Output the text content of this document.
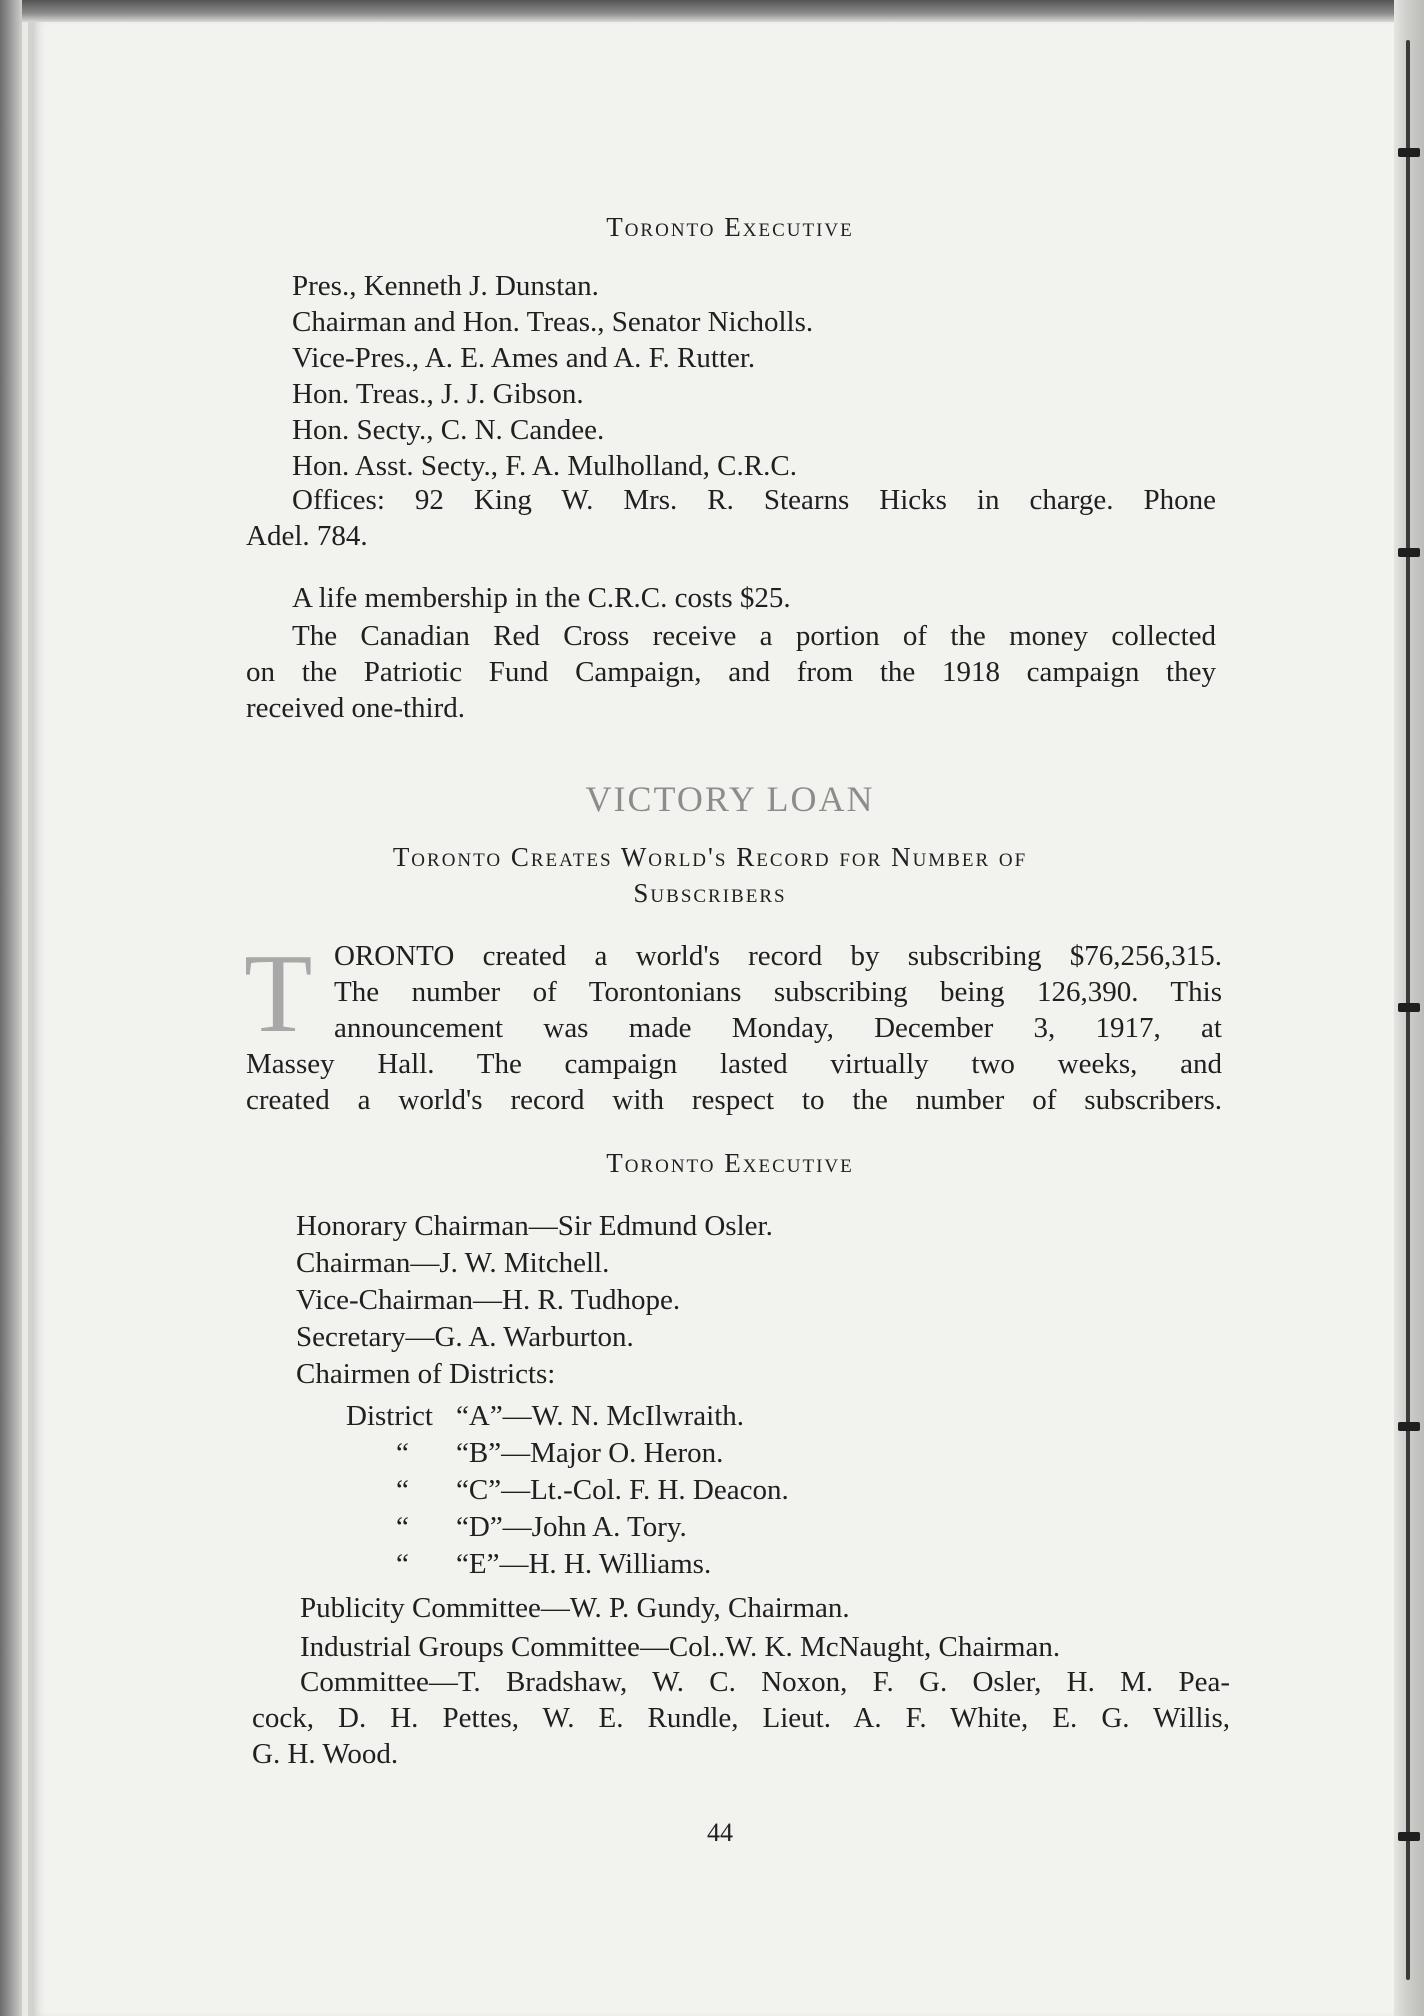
Toronto Executive
Pres., Kenneth J. Dunstan.
Chairman and Hon. Treas., Senator Nicholls.
Vice-Pres., A. E. Ames and A. F. Rutter.
Hon. Treas., J. J. Gibson.
Hon. Secty., C. N. Candee.
Hon. Asst. Secty., F. A. Mulholland, C.R.C.
Offices: 92 King W. Mrs. R. Stearns Hicks in charge. Phone
Adel. 784.
A life membership in the C.R.C. costs $25.
The Canadian Red Cross receive a portion of the money collected
on the Patriotic Fund Campaign, and from the 1918 campaign they
received one-third.
VICTORY LOAN
Toronto Creates World's Record for Number of
Subscribers
T ORONTO created a world's record by subscribing $76,256,315.
The number of Torontonians subscribing being 126,390. This
announcement was made Monday, December 3, 1917, at
Massey Hall. The campaign lasted virtually two weeks, and
created a world's record with respect to the number of subscribers.
Toronto Executive
Honorary Chairman—Sir Edmund Osler.
Chairman—J. W. Mitchell.
Vice-Chairman—H. R. Tudhope.
Secretary—G. A. Warburton.
Chairmen of Districts:
District “A”—W. N. McIlwraith.
“ “B”—Major O. Heron.
“ “C”—Lt.-Col. F. H. Deacon.
“ “D”—John A. Tory.
“ “E”—H. H. Williams.
Publicity Committee—W. P. Gundy, Chairman.
Industrial Groups Committee—Col..W. K. McNaught, Chairman.
Committee—T. Bradshaw, W. C. Noxon, F. G. Osler, H. M. Pea-
cock, D. H. Pettes, W. E. Rundle, Lieut. A. F. White, E. G. Willis,
G. H. Wood.
44
